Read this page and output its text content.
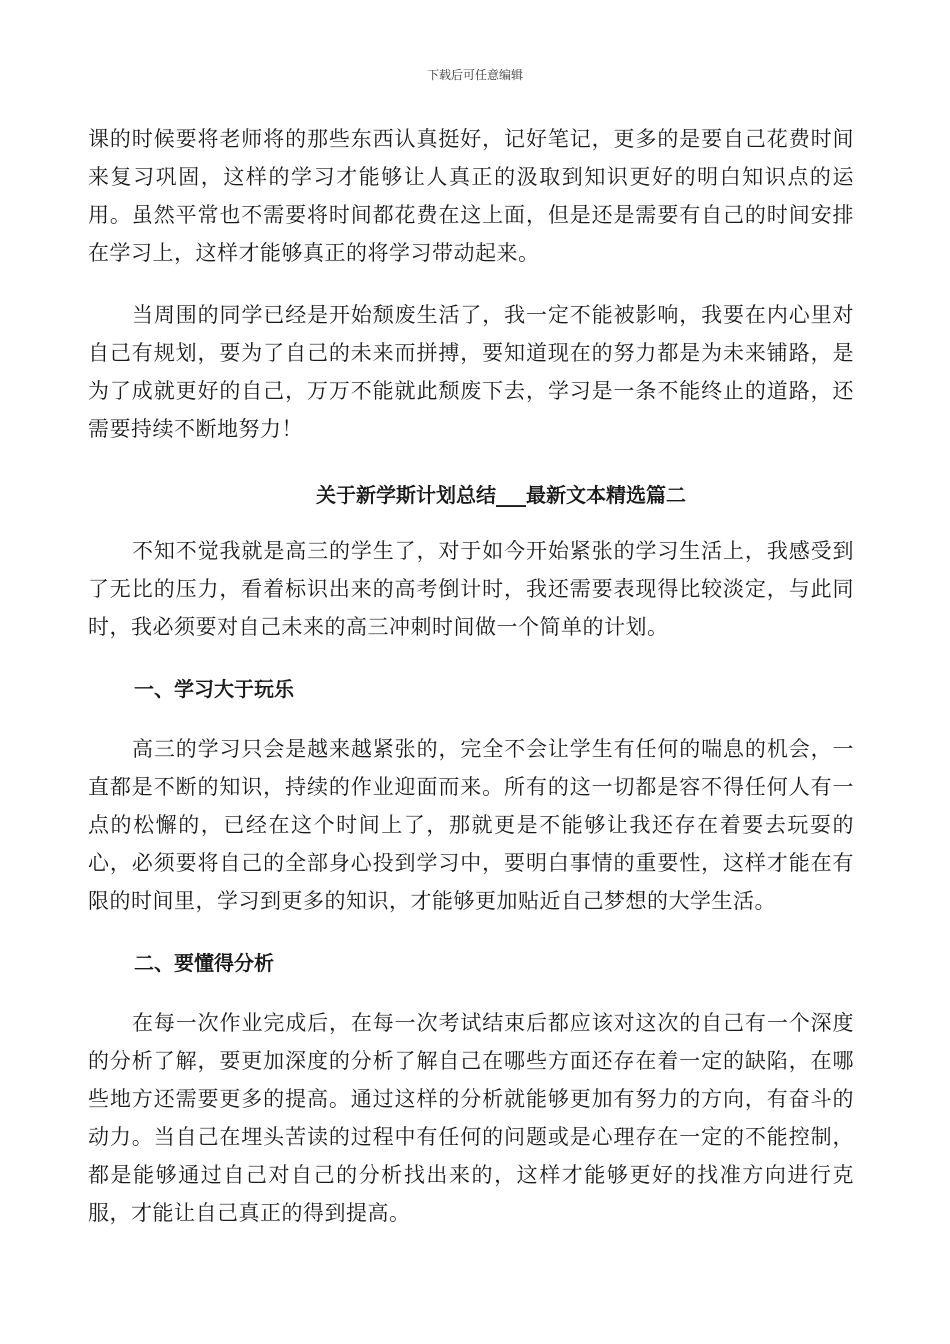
下载后可任意编辑

课的时候要将老师将的那些东西认真挺好，记好笔记，更多的是要自己花费时间来复习巩固，这样的学习才能够让人真正的汲取到知识更好的明白知识点的运用。虽然平常也不需要将时间都花费在这上面，但是还是需要有自己的时间安排在学习上，这样才能够真正的将学习带动起来。

当周围的同学已经是开始颓废生活了，我一定不能被影响，我要在内心里对自己有规划，要为了自己的未来而拼搏，要知道现在的努力都是为未来铺路，是为了成就更好的自己，万万不能就此颓废下去，学习是一条不能终止的道路，还需要持续不断地努力！

关于新学斯计划总结___最新文本精选篇二

不知不觉我就是高三的学生了，对于如今开始紧张的学习生活上，我感受到了无比的压力，看着标识出来的高考倒计时，我还需要表现得比较淡定，与此同时，我必须要对自己未来的高三冲刺时间做一个简单的计划。

一、学习大于玩乐

高三的学习只会是越来越紧张的，完全不会让学生有任何的喘息的机会，一直都是不断的知识，持续的作业迎面而来。所有的这一切都是容不得任何人有一点的松懈的，已经在这个时间上了，那就更是不能够让我还存在着要去玩耍的心，必须要将自己的全部身心投到学习中，要明白事情的重要性，这样才能在有限的时间里，学习到更多的知识，才能够更加贴近自己梦想的大学生活。

二、要懂得分析

在每一次作业完成后，在每一次考试结束后都应该对这次的自己有一个深度的分析了解，要更加深度的分析了解自己在哪些方面还存在着一定的缺陷，在哪些地方还需要更多的提高。通过这样的分析就能够更加有努力的方向，有奋斗的动力。当自己在埋头苦读的过程中有任何的问题或是心理存在一定的不能控制，都是能够通过自己对自己的分析找出来的，这样才能够更好的找准方向进行克服，才能让自己真正的得到提高。
